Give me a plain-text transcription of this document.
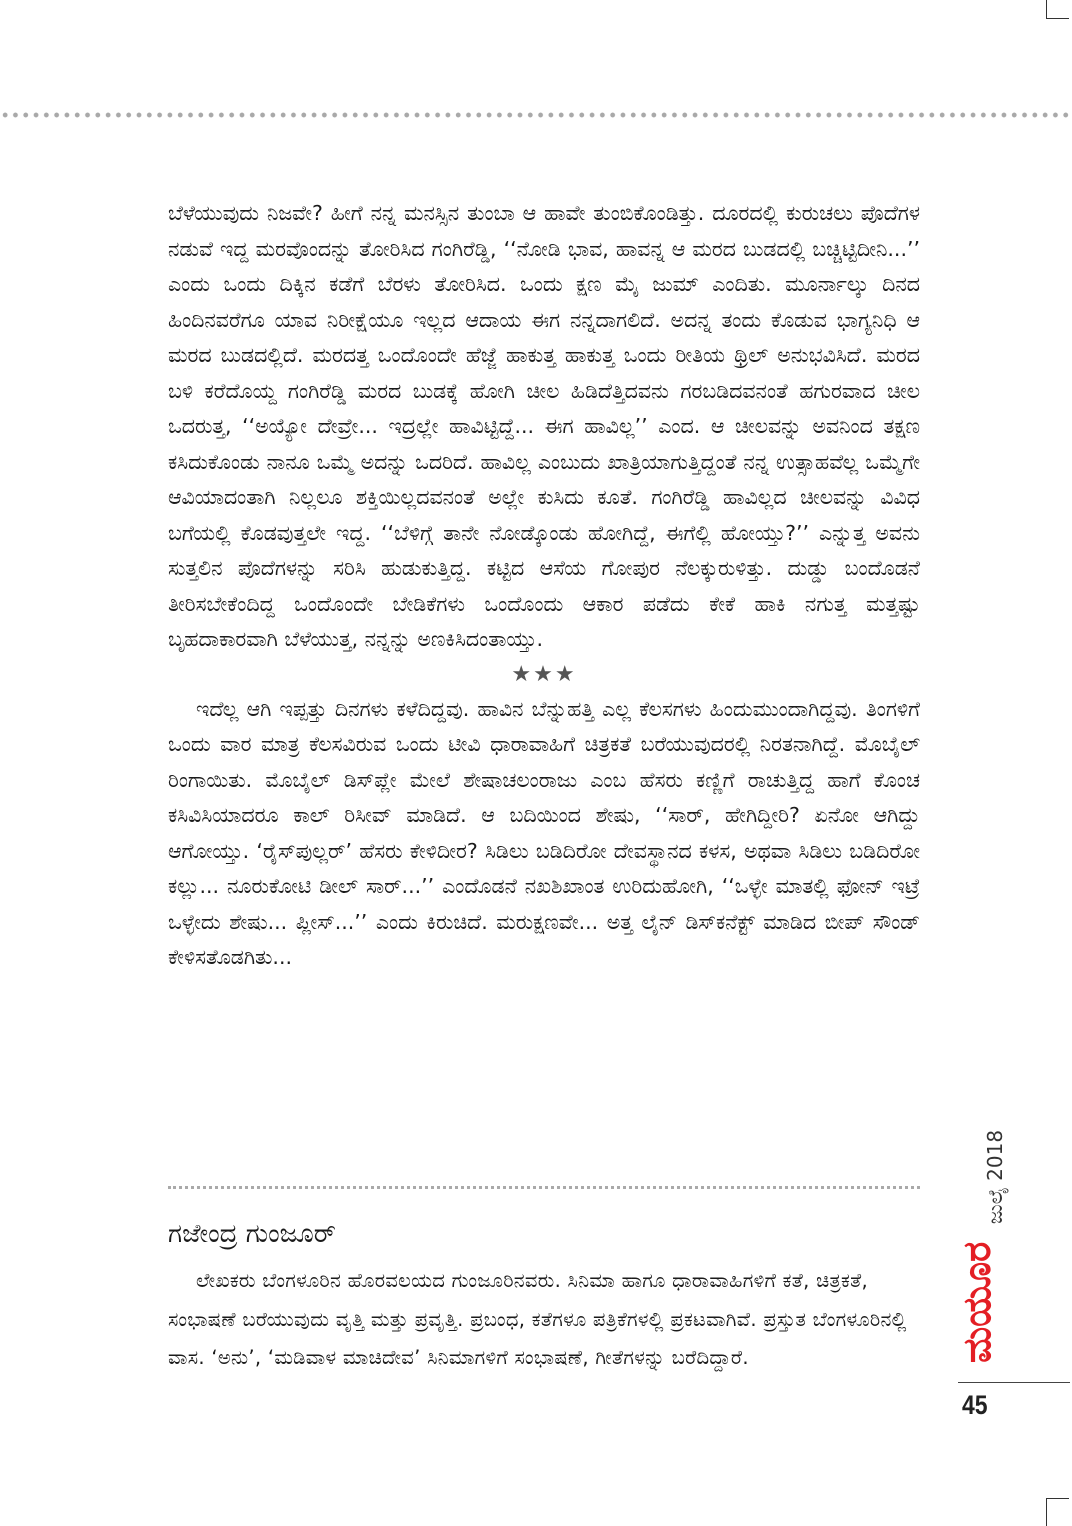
ಬೆಳೆಯುವುದು ನಿಜವೇ? ಹೀಗೆ ನನ್ನ ಮನಸ್ಸಿನ ತುಂಬಾ ಆ ಹಾವೇ ತುಂಬಿಕೊಂಡಿತ್ತು. ದೂರದಲ್ಲಿ ಕುರುಚಲು ಪೊದೆಗಳ ನಡುವೆ ಇದ್ದ ಮರವೊಂದನ್ನು ತೋರಿಸಿದ ಗಂಗಿರೆಡ್ಡಿ, ‘‘ನೋಡಿ ಭಾವ, ಹಾವನ್ನ ಆ ಮರದ ಬುಡದಲ್ಲಿ ಬಚ್ಚಿಟ್ಟಿದೀನಿ...’’ ಎಂದು ಒಂದು ದಿಕ್ಕಿನ ಕಡೆಗೆ ಬೆರಳು ತೋರಿಸಿದ. ಒಂದು ಕ್ಷಣ ಮೈ ಜುಮ್ ಎಂದಿತು. ಮೂರ್ನಾಲ್ಕು ದಿನದ ಹಿಂದಿನವರೆಗೂ ಯಾವ ನಿರೀಕ್ಷೆಯೂ ಇಲ್ಲದ ಆದಾಯ ಈಗ ನನ್ನದಾಗಲಿದೆ. ಅದನ್ನ ತಂದು ಕೊಡುವ ಭಾಗ್ಯನಿಧಿ ಆ ಮರದ ಬುಡದಲ್ಲಿದೆ. ಮರದತ್ತ ಒಂದೊಂದೇ ಹೆಜ್ಜೆ ಹಾಕುತ್ತ ಹಾಕುತ್ತ ಒಂದು ರೀತಿಯ ಥ್ರಿಲ್ ಅನುಭವಿಸಿದೆ. ಮರದ ಬಳಿ ಕರೆದೊಯ್ದ ಗಂಗಿರೆಡ್ಡಿ ಮರದ ಬುಡಕ್ಕೆ ಹೋಗಿ ಚೀಲ ಹಿಡಿದೆತ್ತಿದವನು ಗರಬಡಿದವನಂತೆ ಹಗುರವಾದ ಚೀಲ ಒದರುತ್ತ, ‘‘ಅಯ್ಯೋ ದೇವ್ರೇ... ಇದ್ರಲ್ಲೇ ಹಾವಿಟ್ಟಿದ್ದೆ... ಈಗ ಹಾವಿಲ್ಲ’’ ಎಂದ. ಆ ಚೀಲವನ್ನು ಅವನಿಂದ ತಕ್ಷಣ ಕಸಿದುಕೊಂಡು ನಾನೂ ಒಮ್ಮೆ ಅದನ್ನು ಒದರಿದೆ. ಹಾವಿಲ್ಲ ಎಂಬುದು ಖಾತ್ರಿಯಾಗುತ್ತಿದ್ದಂತೆ ನನ್ನ ಉತ್ಸಾಹವೆಲ್ಲ ಒಮ್ಮೆಗೇ ಆವಿಯಾದಂತಾಗಿ ನಿಲ್ಲಲೂ ಶಕ್ತಿಯಿಲ್ಲದವನಂತೆ ಅಲ್ಲೇ ಕುಸಿದು ಕೂತೆ. ಗಂಗಿರೆಡ್ಡಿ ಹಾವಿಲ್ಲದ ಚೀಲವನ್ನು ವಿವಿಧ ಬಗೆಯಲ್ಲಿ ಕೊಡವುತ್ತಲೇ ಇದ್ದ. ‘‘ಬೆಳಿಗ್ಗೆ ತಾನೇ ನೋಡ್ಕೊಂಡು ಹೋಗಿದ್ದೆ, ಈಗೆಲ್ಲಿ ಹೋಯ್ತು?’’ ಎನ್ನುತ್ತ ಅವನು ಸುತ್ತಲಿನ ಪೊದೆಗಳನ್ನು ಸರಿಸಿ ಹುಡುಕುತ್ತಿದ್ದ. ಕಟ್ಟಿದ ಆಸೆಯ ಗೋಪುರ ನೆಲಕ್ಕುರುಳಿತ್ತು. ದುಡ್ಡು ಬಂದೊಡನೆ ತೀರಿಸಬೇಕೆಂದಿದ್ದ ಒಂದೊಂದೇ ಬೇಡಿಕೆಗಳು ಒಂದೊಂದು ಆಕಾರ ಪಡೆದು ಕೇಕೆ ಹಾಕಿ ನಗುತ್ತ ಮತ್ತಷ್ಟು ಬೃಹದಾಕಾರವಾಗಿ ಬೆಳೆಯುತ್ತ, ನನ್ನನ್ನು ಅಣಕಿಸಿದಂತಾಯ್ತು.

★★★

ಇದೆಲ್ಲ ಆಗಿ ಇಪ್ಪತ್ತು ದಿನಗಳು ಕಳೆದಿದ್ದವು. ಹಾವಿನ ಬೆನ್ನುಹತ್ತಿ ಎಲ್ಲ ಕೆಲಸಗಳು ಹಿಂದುಮುಂದಾಗಿದ್ದವು. ತಿಂಗಳಿಗೆ ಒಂದು ವಾರ ಮಾತ್ರ ಕೆಲಸವಿರುವ ಒಂದು ಟೀವಿ ಧಾರಾವಾಹಿಗೆ ಚಿತ್ರಕತೆ ಬರೆಯುವುದರಲ್ಲಿ ನಿರತನಾಗಿದ್ದೆ. ಮೊಬೈಲ್ ರಿಂಗಾಯಿತು. ಮೊಬೈಲ್ ಡಿಸ್‌ಪ್ಲೇ ಮೇಲೆ ಶೇಷಾಚಲಂರಾಜು ಎಂಬ ಹೆಸರು ಕಣ್ಣಿಗೆ ರಾಚುತ್ತಿದ್ದ ಹಾಗೆ ಕೊಂಚ ಕಸಿವಿಸಿಯಾದರೂ ಕಾಲ್ ರಿಸೀವ್ ಮಾಡಿದೆ. ಆ ಬದಿಯಿಂದ ಶೇಷು, ‘‘ಸಾರ್, ಹೇಗಿದ್ದೀರಿ? ಏನೋ ಆಗಿದ್ದು ಆಗೋಯ್ತು. ‘ರೈಸ್‌ಪುಲ್ಲರ್’ ಹೆಸರು ಕೇಳಿದೀರ? ಸಿಡಿಲು ಬಡಿದಿರೋ ದೇವಸ್ಥಾನದ ಕಳಸ, ಅಥವಾ ಸಿಡಿಲು ಬಡಿದಿರೋ ಕಲ್ಲು... ನೂರುಕೋಟಿ ಡೀಲ್ ಸಾರ್...’’ ಎಂದೊಡನೆ ನಖಶಿಖಾಂತ ಉರಿದುಹೋಗಿ, ‘‘ಒಳ್ಳೇ ಮಾತಲ್ಲಿ ಫೋನ್ ಇಟ್ರೆ ಒಳ್ಳೇದು ಶೇಷು... ಪ್ಲೀಸ್...’’ ಎಂದು ಕಿರುಚಿದೆ. ಮರುಕ್ಷಣವೇ... ಅತ್ತ ಲೈನ್ ಡಿಸ್‌ಕನೆಕ್ಟ್ ಮಾಡಿದ ಬೀಪ್ ಸೌಂಡ್ ಕೇಳಿಸತೊಡಗಿತು...

ಗಜೇಂದ್ರ ಗುಂಜೂರ್

ಲೇಖಕರು ಬೆಂಗಳೂರಿನ ಹೊರವಲಯದ ಗುಂಜೂರಿನವರು. ಸಿನಿಮಾ ಹಾಗೂ ಧಾರಾವಾಹಿಗಳಿಗೆ ಕತೆ, ಚಿತ್ರಕತೆ, ಸಂಭಾಷಣೆ ಬರೆಯುವುದು ವೃತ್ತಿ ಮತ್ತು ಪ್ರವೃತ್ತಿ. ಪ್ರಬಂಧ, ಕತೆಗಳೂ ಪತ್ರಿಕೆಗಳಲ್ಲಿ ಪ್ರಕಟವಾಗಿವೆ. ಪ್ರಸ್ತುತ ಬೆಂಗಳೂರಿನಲ್ಲಿ ವಾಸ. ‘ಅನು’, ‘ಮಡಿವಾಳ ಮಾಚಿದೇವ’ ಸಿನಿಮಾಗಳಿಗೆ ಸಂಭಾಷಣೆ, ಗೀತೆಗಳನ್ನು ಬರೆದಿದ್ದಾರೆ.	ಮಯೂರ
ಜುಲೈ 2018
45
